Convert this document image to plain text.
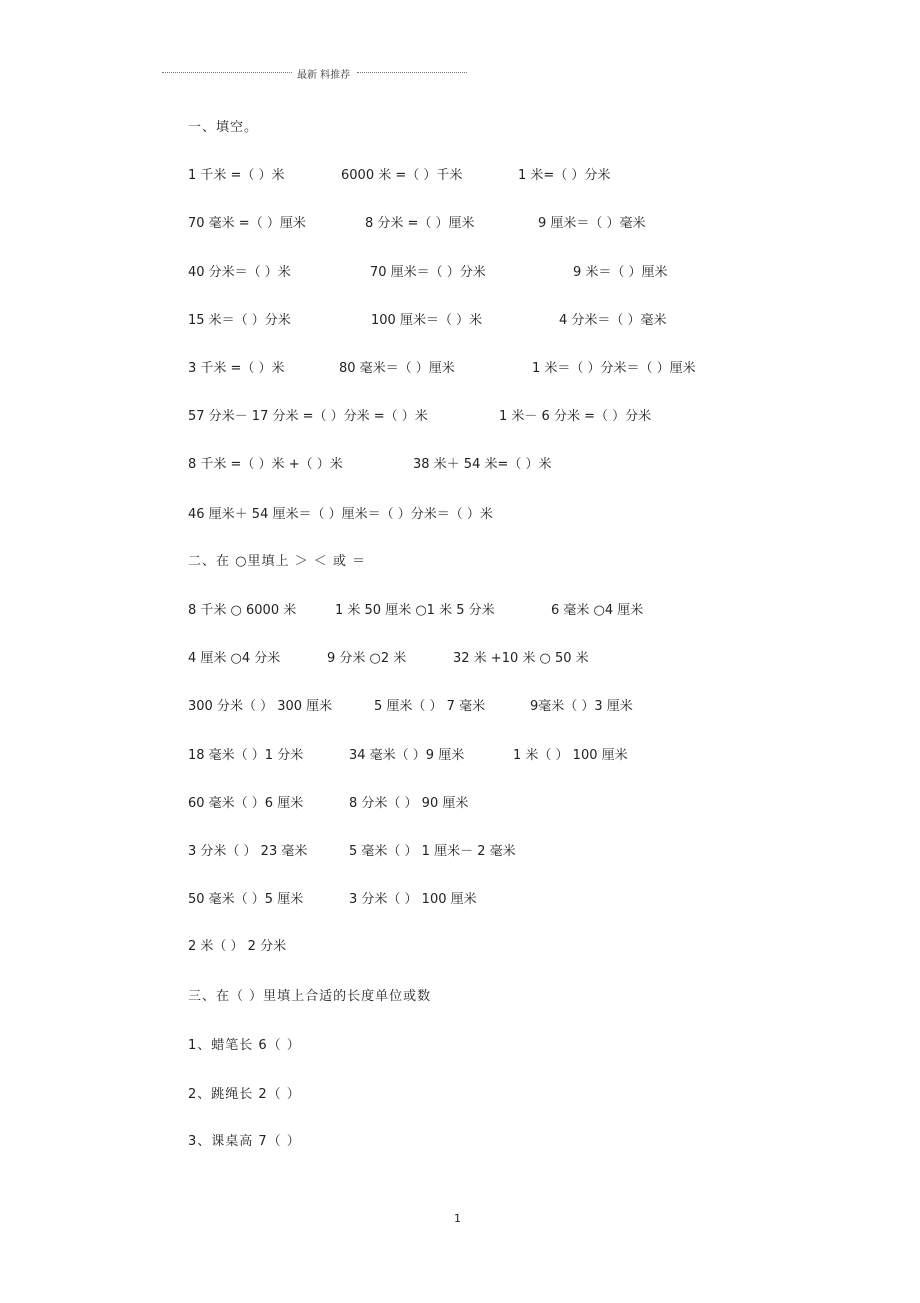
最新 料推荐
一、填空。
1 千米 =（ ）米	6000 米 =（ ）千米	1 米=（ ）分米
70 毫米 =（ ）厘米	8 分米 =（ ）厘米	9 厘米＝（ ）毫米
40 分米＝（ ）米	70 厘米＝（ ）分米	9 米＝（ ）厘米
15 米＝（ ）分米	100 厘米＝（ ）米	4 分米＝（ ）毫米
3 千米 =（ ）米	80 毫米＝（ ）厘米	1 米＝（ ）分米＝（ ）厘米
57 分米－ 17 分米 =（ ）分米 =（ ）米	1 米－ 6 分米 =（ ）分米
8 千米 =（ ）米 +（ ）米	38 米＋ 54 米=（ ）米
46 厘米＋ 54 厘米＝（ ）厘米＝（ ）分米＝（ ）米
二、在 ○里填上 ＞ ＜ 或 ＝
8 千米 ○ 6000 米	1 米 50 厘米 ○1 米 5 分米	6 毫米 ○4 厘米
4 厘米 ○4 分米	9 分米 ○2 米	32 米 +10 米 ○ 50 米
300 分米（ ） 300 厘米	5 厘米（ ） 7 毫米	9毫米（ ）3 厘米
18 毫米（ ）1 分米	34 毫米（ ）9 厘米	1 米（ ） 100 厘米
60 毫米（ ）6 厘米	8 分米（ ） 90 厘米
3 分米（ ） 23 毫米	5 毫米（ ） 1 厘米－ 2 毫米
50 毫米（ ）5 厘米	3 分米（ ） 100 厘米
2 米（ ） 2 分米
三、在（ ）里填上合适的长度单位或数
1、蜡笔长 6（ ）
2、跳绳长 2（ ）
3、课桌高 7（ ）
1
